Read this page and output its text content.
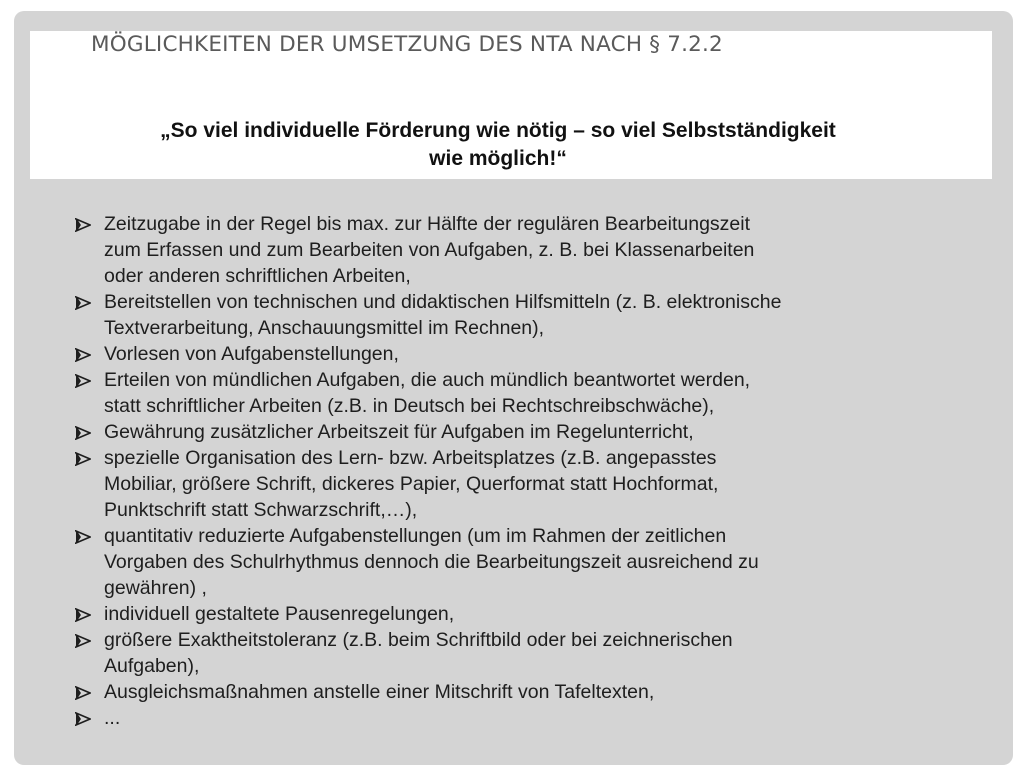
MÖGLICHKEITEN DER UMSETZUNG DES NTA NACH § 7.2.2

„So viel individuelle Förderung wie nötig – so viel Selbstständigkeit
wie möglich!“

Zeitzugabe in der Regel bis max. zur Hälfte der regulären Bearbeitungszeit
zum Erfassen und zum Bearbeiten von Aufgaben, z. B. bei Klassenarbeiten
oder anderen schriftlichen Arbeiten,
Bereitstellen von technischen und didaktischen Hilfsmitteln (z. B. elektronische
Textverarbeitung, Anschauungsmittel im Rechnen),
Vorlesen von Aufgabenstellungen,
Erteilen von mündlichen Aufgaben, die auch mündlich beantwortet werden,
statt schriftlicher Arbeiten (z.B. in Deutsch bei Rechtschreibschwäche),
Gewährung zusätzlicher Arbeitszeit für Aufgaben im Regelunterricht,
spezielle Organisation des Lern- bzw. Arbeitsplatzes (z.B. angepasstes
Mobiliar, größere Schrift, dickeres Papier, Querformat statt Hochformat,
Punktschrift statt Schwarzschrift,…),
quantitativ reduzierte Aufgabenstellungen (um im Rahmen der zeitlichen
Vorgaben des Schulrhythmus dennoch die Bearbeitungszeit ausreichend zu
gewähren) ,
individuell gestaltete Pausenregelungen,
größere Exaktheitstoleranz (z.B. beim Schriftbild oder bei zeichnerischen
Aufgaben),
Ausgleichsmaßnahmen anstelle einer Mitschrift von Tafeltexten,
...
